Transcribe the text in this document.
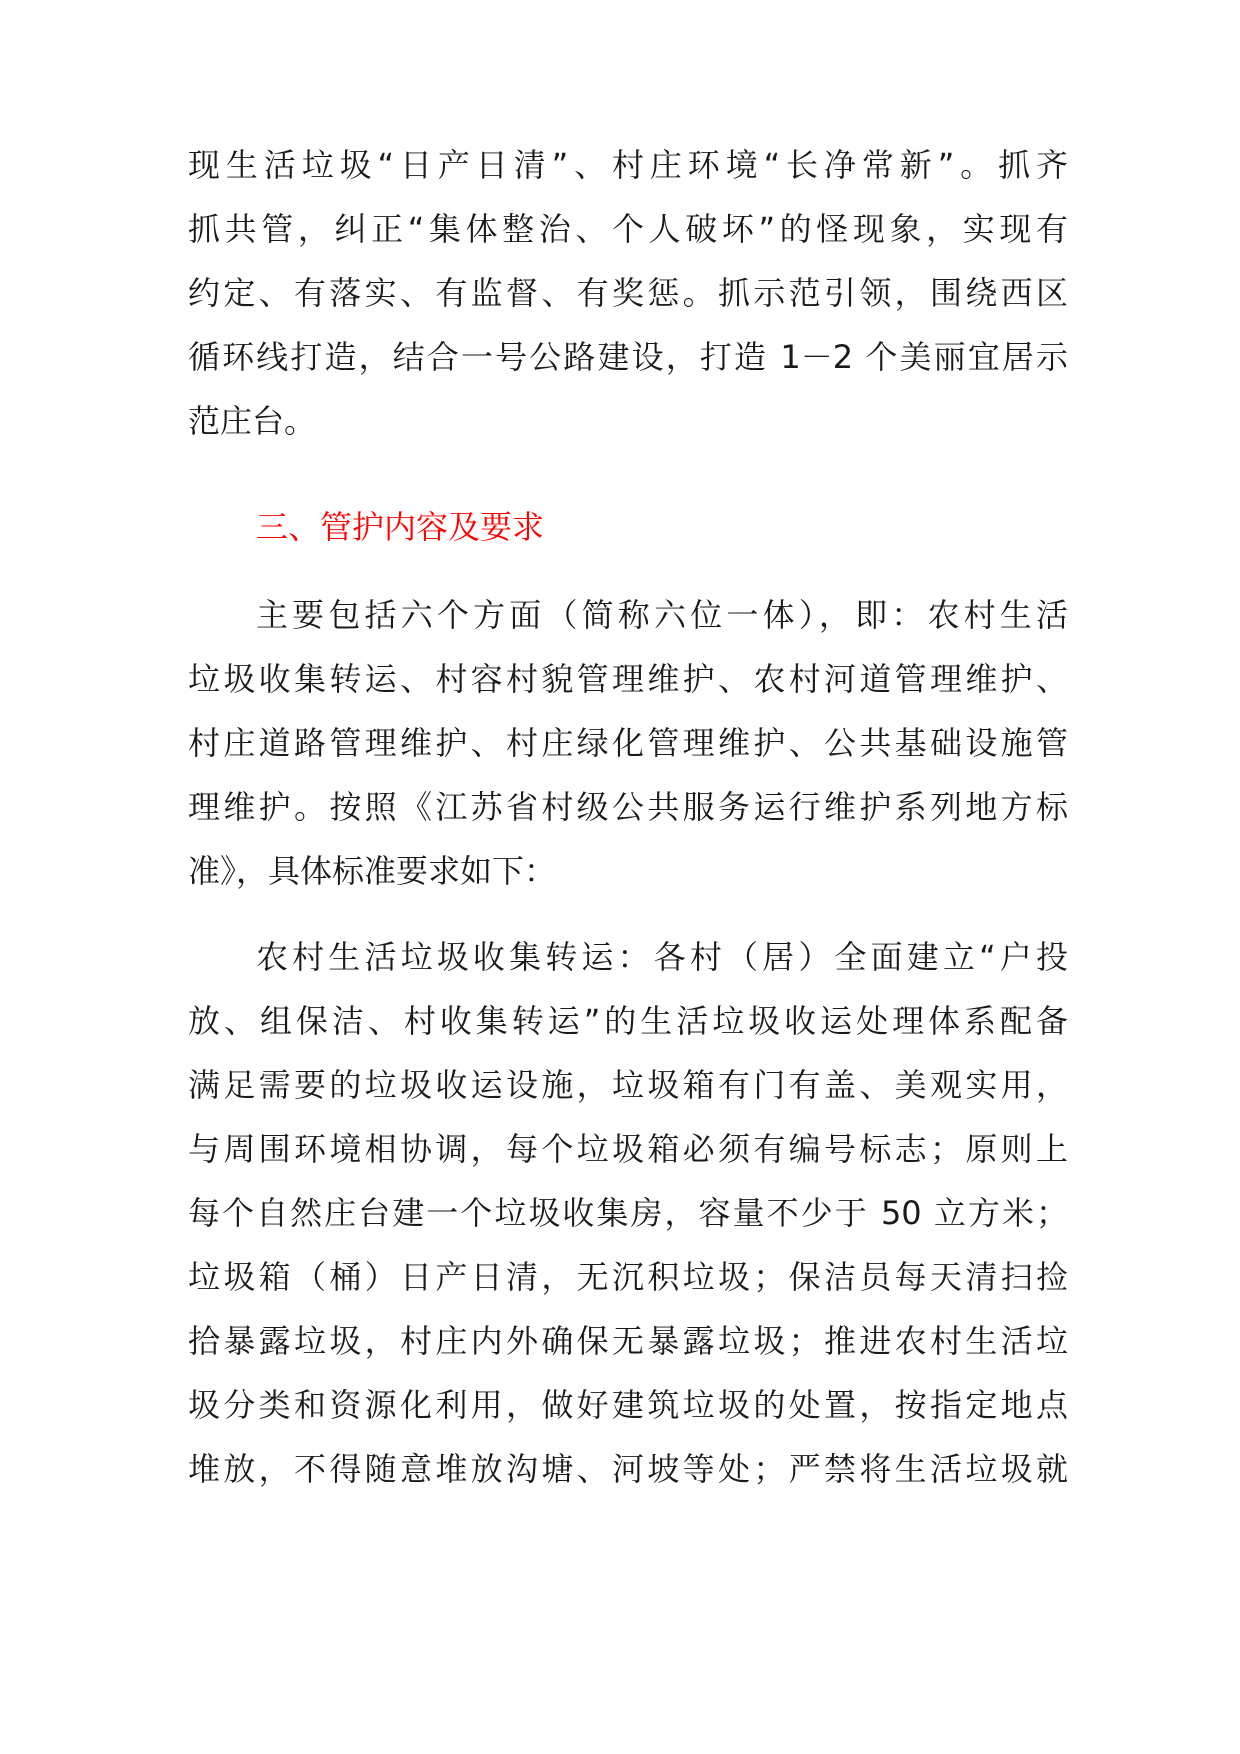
现生活垃圾“日产日清”、村庄环境“长净常新”。抓齐
抓共管，纠正“集体整治、个人破坏”的怪现象，实现有
约定、有落实、有监督、有奖惩。抓示范引领，围绕西区
循环线打造，结合一号公路建设，打造 1－2 个美丽宜居示
范庄台。
三、管护内容及要求
主要包括六个方面（简称六位一体），即：农村生活
垃圾收集转运、村容村貌管理维护、农村河道管理维护、
村庄道路管理维护、村庄绿化管理维护、公共基础设施管
理维护。按照《江苏省村级公共服务运行维护系列地方标
准》，具体标准要求如下：
农村生活垃圾收集转运：各村（居）全面建立“户投
放、组保洁、村收集转运”的生活垃圾收运处理体系配备
满足需要的垃圾收运设施，垃圾箱有门有盖、美观实用，
与周围环境相协调，每个垃圾箱必须有编号标志；原则上
每个自然庄台建一个垃圾收集房，容量不少于 50 立方米；
垃圾箱（桶）日产日清，无沉积垃圾；保洁员每天清扫捡
拾暴露垃圾，村庄内外确保无暴露垃圾；推进农村生活垃
圾分类和资源化利用，做好建筑垃圾的处置，按指定地点
堆放，不得随意堆放沟塘、河坡等处；严禁将生活垃圾就
